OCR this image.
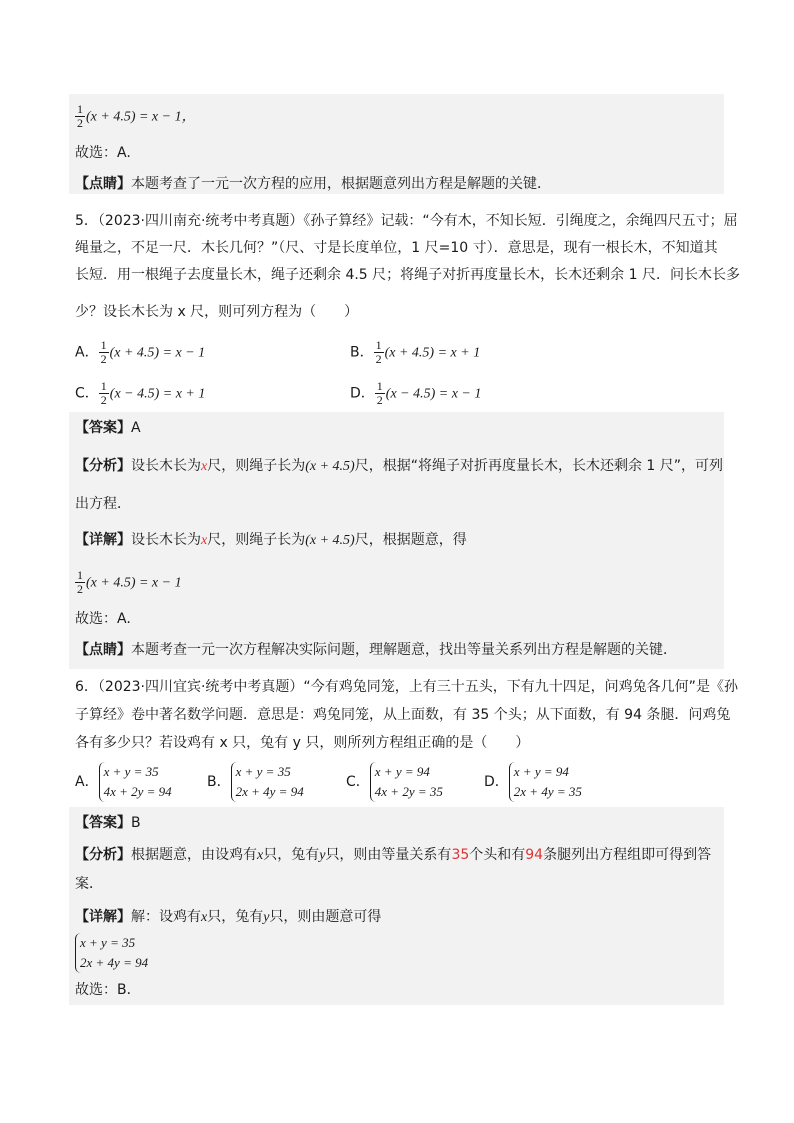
$\frac{1}{2} (x + 4.5) = x - 1$，
故选：A.
【点睛】本题考查了一元一次方程的应用，根据题意列出方程是解题的关键．
5．（2023·四川南充·统考中考真题）《孙子算经》记载：“今有木，不知长短．引绳度之，余绳四尺五寸；屈
绳量之，不足一尺．木长几何？”（尺、寸是长度单位，1 尺=10 寸）．意思是，现有一根长木，不知道其
长短．用一根绳子去度量长木，绳子还剩余 4.5 尺；将绳子对折再度量长木，长木还剩余 1 尺．问长木长多
少？设长木长为 x 尺，则可列方程为（　　）
A． $\frac{1}{2} (x + 4.5) = x - 1$	B． $\frac{1}{2} (x + 4.5) = x + 1$
C． $\frac{1}{2} (x - 4.5) = x + 1$	D． $\frac{1}{2} (x - 4.5) = x - 1$
【答案】A
【分析】设长木长为x尺，则绳子长为(x + 4.5)尺，根据“将绳子对折再度量长木，长木还剩余 1 尺”，可列
出方程．
【详解】设长木长为x尺，则绳子长为(x + 4.5)尺，根据题意，得
$\frac{1}{2} (x + 4.5) = x - 1$
故选：A.
【点睛】本题考查一元一次方程解决实际问题，理解题意，找出等量关系列出方程是解题的关键．
6．（2023·四川宜宾·统考中考真题）“今有鸡兔同笼，上有三十五头，下有九十四足，问鸡兔各几何”是《孙
子算经》卷中著名数学问题．意思是：鸡兔同笼，从上面数，有 35 个头；从下面数，有 94 条腿．问鸡兔
各有多少只？若设鸡有 x 只，兔有 y 只，则所列方程组正确的是（　　）
A．
x + y = 35
4x + 2y = 94
B．
x + y = 35
2x + 4y = 94
C．
x + y = 94
4x + 2y = 35
D．
x + y = 94
2x + 4y = 35
【答案】B
【分析】根据题意，由设鸡有x只，兔有y只，则由等量关系有35个头和有94条腿列出方程组即可得到答
案．
【详解】解：设鸡有x只，兔有y只，则由题意可得
x + y = 35
2x + 4y = 94
故选：B．
